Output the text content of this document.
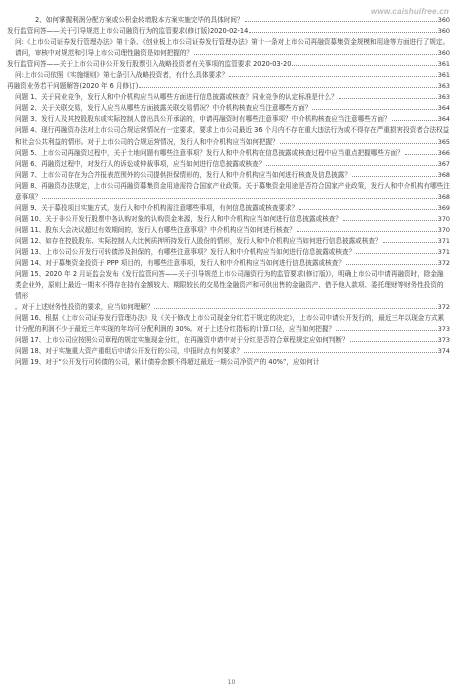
www.caishuifree.cn
2、如何掌握利润分配方案或公积金转增股本方案实施完毕的具体时间？	360
发行监管问答——关于引导规范上市公司融资行为的监管要求(修订版)2020-02-14	360
问:《上市公司证券发行管理办法》第十条、《创业板上市公司证券发行管理办法》第十一条对上市公司再融资募集资金规模和用途等方面进行了规定。
请问，审核中对规范和引导上市公司理性融资是如何把握的？	360
发行监管问答——关于上市公司非公开发行股票引入战略投资者有关事项的监管要求 2020-03-20	361
问:上市公司依照《实施细则》第七条引入战略投资者，有什么具体要求？	361
再融资业务若干问题解答(2020 年 6 月修订)	363
问题 1、关于同业竞争，发行人和中介机构应当从哪些方面进行信息披露或核查？同业竞争的认定标准是什么？	363
问题 2、关于关联交易，发行人应当从哪些方面披露关联交易情况？中介机构核查应当注意哪些方面？	364
问题 3、发行人及其控股股东或实际控制人曾出具公开承诺的，申请再融资时有哪些注意事项？中介机构核查应当注意哪些方面？	364
问题 4、现行再融资办法对上市公司合规运营情况有一定要求，要求上市公司最近 36 个月内不存在重大违法行为或不得存在严重损害投资者合法权益
和社会公共利益的情形。对于上市公司的合规运营情况，发行人和中介机构应当如何把握？	365
问题 5、上市公司再融资过程中，关于土地问题有哪些注意事项？发行人和中介机构在信息披露或核查过程中应当重点把握哪些方面？	366
问题 6、再融资过程中，对发行人的诉讼或仲裁事项，应当如何进行信息披露或核查？	367
问题 7、上市公司存在为合并报表范围外的公司提供担保情形的，发行人和中介机构应当如何进行核查及信息披露？	368
问题 8、再融资办法规定，上市公司再融资募集资金用途需符合国家产业政策。关于募集资金用途是否符合国家产业政策，发行人和中介机构有哪些注
意事项？	368
问题 9、关于募投项目实施方式，发行人和中介机构需注意哪些事项，有何信息披露或核查要求？	369
问题 10、关于非公开发行股票中各认购对象的认购资金来源，发行人和中介机构应当如何进行信息披露或核查？	370
问题 11、股东大会决议超过有效期间的，发行人有哪些注意事项？中介机构应当如何进行核查？	370
问题 12、如存在控股股东、实际控制人大比例质押所持发行人股份的情形，发行人和中介机构应当如何进行信息披露或核查？	371
问题 13、上市公司公开发行可转债涉及担保的，有哪些注意事项？发行人和中介机构应当如何进行信息披露或核查？	371
问题 14、对于募集资金投资于 PPP 项目的，有哪些注意事项，发行人和中介机构应当如何进行信息披露或核查？	372
问题 15、2020 年 2 月证监会发布《发行监管问答——关于引导规范上市公司融资行为的监管要求(修订版)》，明确上市公司申请再融资时，除金融类企业外，原则上最近一期末不得存在持有金额较大、期限较长的交易性金融资产和可供出售的金融资产、借予他人款项、委托理财等财务性投资的情形
。对于上述财务性投资的要求，应当如何理解？	372
问题 16、根据《上市公司证券发行管理办法》及《关于修改上市公司现金分红若干规定的决定》，上市公司申请公开发行的，最近三年以现金方式累
计分配的利润不少于最近三年实现的年均可分配利润的 30%。对于上述分红指标的计算口径，应当如何把握？	373
问题 17、上市公司应按照公司章程的规定实施现金分红，在再融资申请中对于分红是否符合章程规定应如何判断？	373
问题 18、对于实施重大资产重组后申请公开发行的公司，申报时点有何要求？	374
问题 19、对于“公开发行可转债的公司，累计债券余额不得超过最近一期公司净资产的 40%”，应如何计
10
